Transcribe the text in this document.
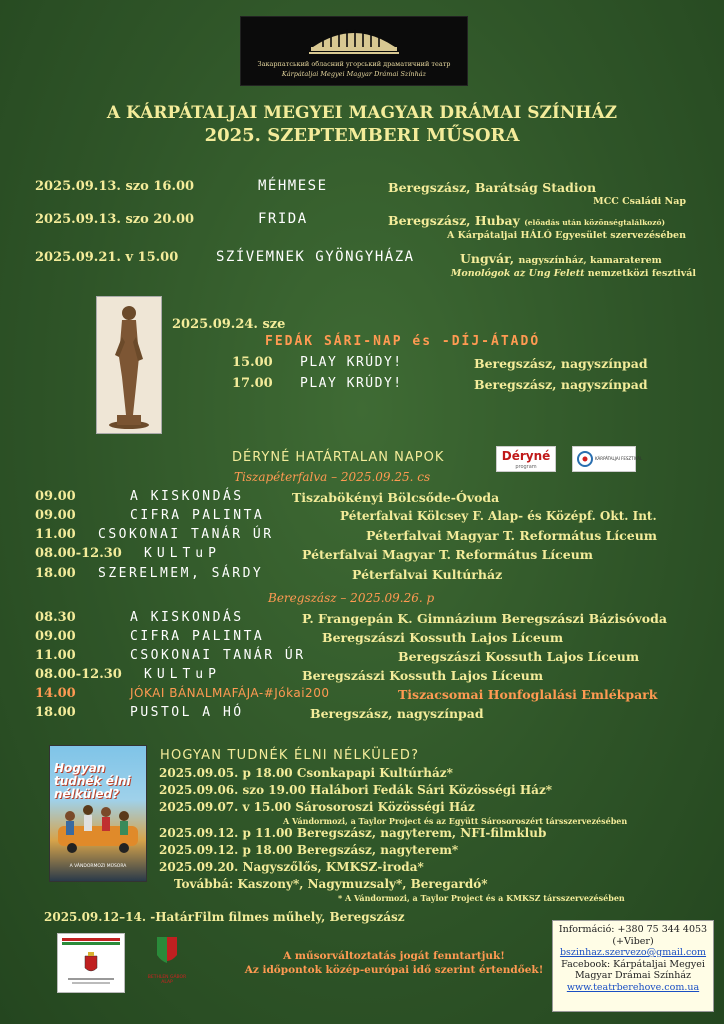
Закарпатський обласний угорський драматичний театр
Kárpátaljai Megyei Magyar Drámai Színház
A KÁRPÁTALJAI MEGYEI MAGYAR DRÁMAI SZÍNHÁZ
2025. SZEPTEMBERI MŰSORA
2025.09.13. szo 16.00	MÉHMESE	Beregszász, Barátság Stadion
MCC Családi Nap
2025.09.13. szo 20.00	FRIDA	Beregszász, Hubay (előadás után közönségtalálkozó)
A Kárpátaljai HÁLÓ Egyesület szervezésében
2025.09.21. v 15.00	SZÍVEMNEK GYÖNGYHÁZA	Ungvár, nagyszínház, kamaraterem
Monológok az Ung Felett nemzetközi fesztivál
2025.09.24. sze
FEDÁK SÁRI-NAP és -DÍJ-ÁTADÓ
15.00 PLAY KRÚDY!	Beregszász, nagyszínpad
17.00 PLAY KRÚDY!	Beregszász, nagyszínpad
DÉRYNÉ HATÁRTALAN NAPOK	Déryné
program
KÁRPÁTALJAI FESZTIVÁL
Tiszapéterfalva – 2025.09.25. cs
09.00	A KISKONDÁS	Tiszabökényi Bölcsőde-Óvoda
09.00	CIFRA PALINTA	Péterfalvai Kölcsey F. Alap- és Középf. Okt. Int.
11.00 CSOKONAI TANÁR ÚR	Péterfalvai Magyar T. Református Líceum
08.00-12.30 KULTuP	Péterfalvai Magyar T. Református Líceum
18.00 SZERELMEM, SÁRDY	Péterfalvai Kultúrház
Beregszász – 2025.09.26. p
08.30	A KISKONDÁS	P. Frangepán K. Gimnázium Beregszászi Bázisóvoda
09.00	CIFRA PALINTA	Beregszászi Kossuth Lajos Líceum
11.00	CSOKONAI TANÁR ÚR	Beregszászi Kossuth Lajos Líceum
08.00-12.30 KULTuP	Beregszászi Kossuth Lajos Líceum
14.00	JÓKAI BÁNALMAFÁJA-#Jókai200	Tiszacsomai Honfoglalási Emlékpark
18.00	PUSTOL A HÓ	Beregszász, nagyszínpad
Hogyan tudnék élni nélküled?
A VÁNDORMOZI MŰSORA
HOGYAN TUDNÉK ÉLNI NÉLKÜLED?
2025.09.05. p 18.00 Csonkapapi Kultúrház*
2025.09.06. szo 19.00 Halábori Fedák Sári Közösségi Ház*
2025.09.07. v 15.00 Sárosoroszi Közösségi Ház
A Vándormozi, a Taylor Project és az Együtt Sárosoroszért társszervezésében
2025.09.12. p 11.00 Beregszász, nagyterem, NFI-filmklub
2025.09.12. p 18.00 Beregszász, nagyterem*
2025.09.20. Nagyszőlős, KMKSZ-iroda*
Továbbá: Kaszony*, Nagymuzsaly*, Beregardó*
* A Vándormozi, a Taylor Project és a KMKSZ társszervezésében
2025.09.12–14. -HatárFilm filmes műhely, Beregszász
BETHLEN GÁBOR ALAP
A műsorváltoztatás jogát fenntartjuk!
Az időpontok közép-európai idő szerint értendőek!
Információ: +380 75 344 4053
(+Viber)
bszinhaz.szervezo@gmail.com
Facebook: Kárpátaljai Megyei
Magyar Drámai Színház
www.teatrberehove.com.ua
